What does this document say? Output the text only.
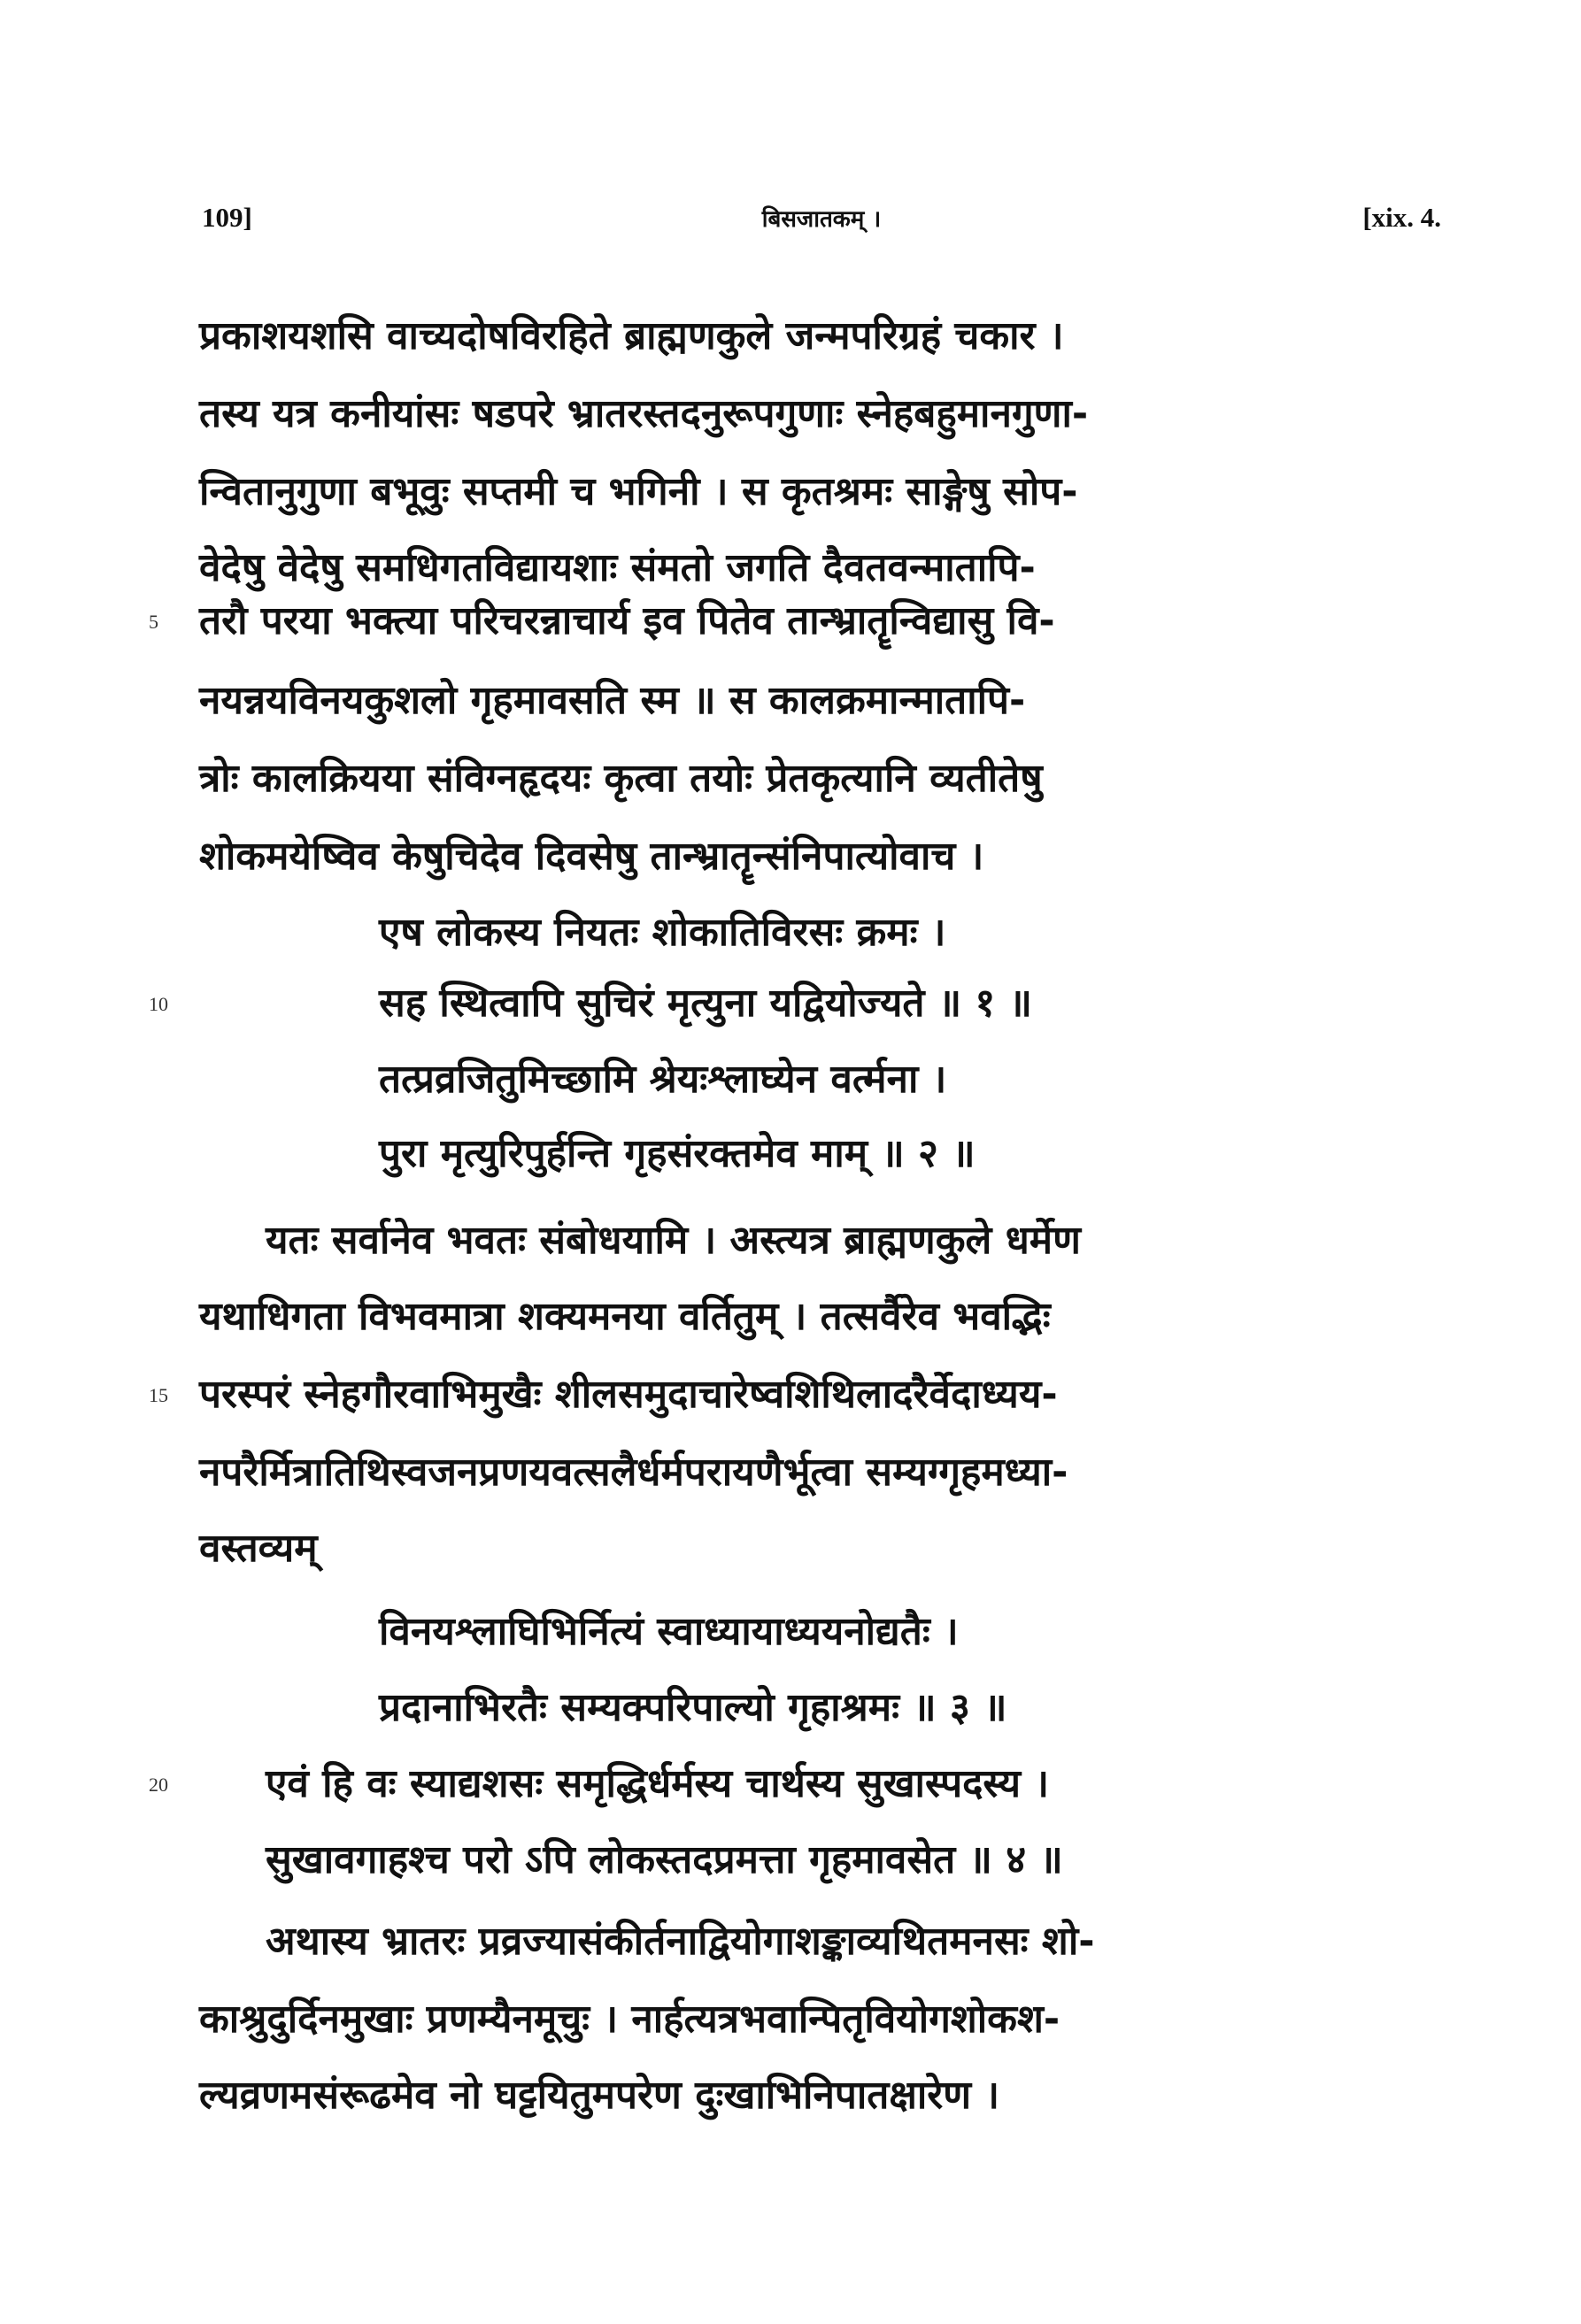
109]	बिसजातकम् ।	[xix. 4.
5
10
15
20
प्रकाशयशसि वाच्यदोषविरहिते ब्राह्मणकुले जन्मपरिग्रहं चकार ।
तस्य यत्र कनीयांसः षडपरे भ्रातरस्तदनुरूपगुणाः स्नेहबहुमानगुणा-
न्वितानुगुणा बभूवुः सप्तमी च भगिनी । स कृतश्रमः साङ्गेषु सोप-
वेदेषु वेदेषु समधिगतविद्यायशाः संमतो जगति दैवतवन्मातापि-
तरौ परया भक्त्या परिचरन्नाचार्य इव पितेव तान्भ्रातॄन्विद्यासु वि-
नयन्नयविनयकुशलो गृहमावसति स्म ॥ स कालक्रमान्मातापि-
त्रोः कालक्रियया संविग्नहृदयः कृत्वा तयोः प्रेतकृत्यानि व्यतीतेषु
शोकमयेष्विव केषुचिदेव दिवसेषु तान्भ्रातॄन्संनिपात्योवाच ।
एष लोकस्य नियतः शोकातिविरसः क्रमः ।
सह स्थित्वापि सुचिरं मृत्युना यद्वियोज्यते ॥ १ ॥
तत्प्रव्रजितुमिच्छामि श्रेयःश्लाघ्येन वर्त्मना ।
पुरा मृत्युरिपुर्हन्ति गृहसंरक्तमेव माम् ॥ २ ॥
यतः सर्वानेव भवतः संबोधयामि । अस्त्यत्र ब्राह्मणकुले धर्मेण
यथाधिगता विभवमात्रा शक्यमनया वर्तितुम् । तत्सर्वैरेव भवद्भिः
परस्परं स्नेहगौरवाभिमुखैः शीलसमुदाचारेष्वशिथिलादरैर्वेदाध्यय-
नपरैर्मित्रातिथिस्वजनप्रणयवत्सलैर्धर्मपरायणैर्भूत्वा सम्यग्गृहमध्या-
वस्तव्यम्
विनयश्लाघिभिर्नित्यं स्वाध्यायाध्ययनोद्यतैः ।
प्रदानाभिरतैः सम्यक्परिपाल्यो गृहाश्रमः ॥ ३ ॥
एवं हि वः स्याद्यशसः समृद्धिर्धर्मस्य चार्थस्य सुखास्पदस्य ।
सुखावगाहश्च परो ऽपि लोकस्तदप्रमत्ता गृहमावसेत ॥ ४ ॥
अथास्य भ्रातरः प्रव्रज्यासंकीर्तनाद्वियोगाशङ्काव्यथितमनसः शो-
काश्रुदुर्दिनमुखाः प्रणम्यैनमूचुः । नार्हत्यत्रभवान्पितृवियोगशोकश-
ल्यव्रणमसंरूढमेव नो घट्टयितुमपरेण दुःखाभिनिपातक्षारेण ।
